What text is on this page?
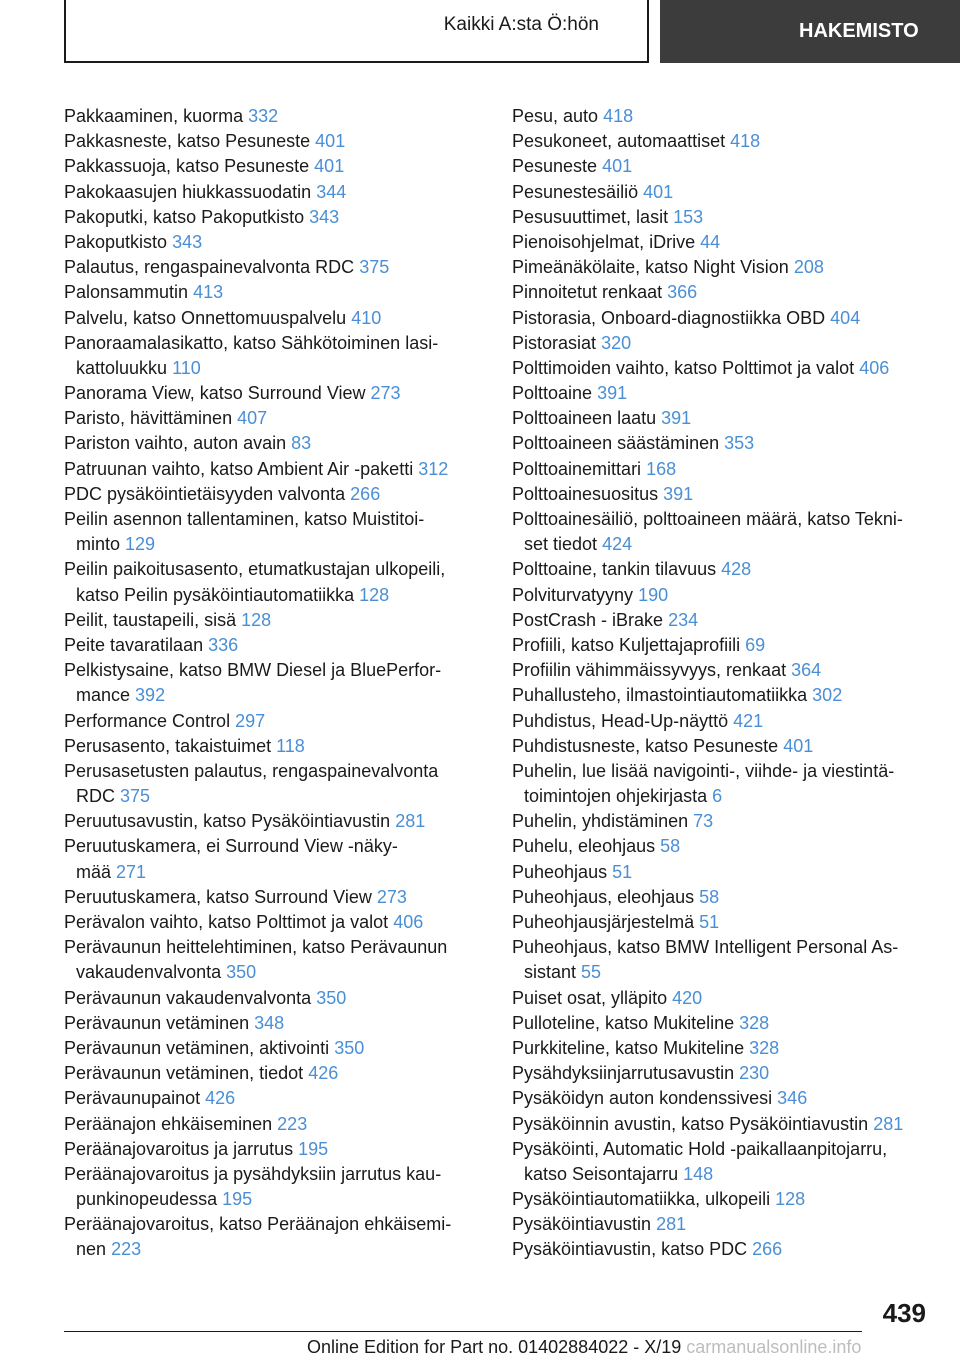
Kaikki A:sta Ö:hön	HAKEMISTO
Pakkaaminen, kuorma 332
Pakkasneste, katso Pesuneste 401
Pakkassuoja, katso Pesuneste 401
Pakokaasujen hiukkassuodatin 344
Pakoputki, katso Pakoputkisto 343
Pakoputkisto 343
Palautus, rengaspainevalvonta RDC 375
Palonsammutin 413
Palvelu, katso Onnettomuuspalvelu 410
Panoraamalasikatto, katso Sähkötoiminen lasi-
kattoluukku 110
Panorama View, katso Surround View 273
Paristo, hävittäminen 407
Pariston vaihto, auton avain 83
Patruunan vaihto, katso Ambient Air -paketti 312
PDC pysäköintietäisyyden valvonta 266
Peilin asennon tallentaminen, katso Muistitoi-
minto 129
Peilin paikoitusasento, etumatkustajan ulkopeili,
katso Peilin pysäköintiautomatiikka 128
Peilit, taustapeili, sisä 128
Peite tavaratilaan 336
Pelkistysaine, katso BMW Diesel ja BluePerfor-
mance 392
Performance Control 297
Perusasento, takaistuimet 118
Perusasetusten palautus, rengaspainevalvonta
RDC 375
Peruutusavustin, katso Pysäköintiavustin 281
Peruutuskamera, ei Surround View -näky-
mää 271
Peruutuskamera, katso Surround View 273
Perävalon vaihto, katso Polttimot ja valot 406
Perävaunun heittelehtiminen, katso Perävaunun
vakaudenvalvonta 350
Perävaunun vakaudenvalvonta 350
Perävaunun vetäminen 348
Perävaunun vetäminen, aktivointi 350
Perävaunun vetäminen, tiedot 426
Perävaunupainot 426
Peräänajon ehkäiseminen 223
Peräänajovaroitus ja jarrutus 195
Peräänajovaroitus ja pysähdyksiin jarrutus kau-
punkinopeudessa 195
Peräänajovaroitus, katso Peräänajon ehkäisemi-
nen 223
Pesu, auto 418
Pesukoneet, automaattiset 418
Pesuneste 401
Pesunestesäiliö 401
Pesusuuttimet, lasit 153
Pienoisohjelmat, iDrive 44
Pimeänäkölaite, katso Night Vision 208
Pinnoitetut renkaat 366
Pistorasia, Onboard-diagnostiikka OBD 404
Pistorasiat 320
Polttimoiden vaihto, katso Polttimot ja valot 406
Polttoaine 391
Polttoaineen laatu 391
Polttoaineen säästäminen 353
Polttoainemittari 168
Polttoainesuositus 391
Polttoainesäiliö, polttoaineen määrä, katso Tekni-
set tiedot 424
Polttoaine, tankin tilavuus 428
Polviturvatyyny 190
PostCrash - iBrake 234
Profiili, katso Kuljettajaprofiili 69
Profiilin vähimmäissyvyys, renkaat 364
Puhallusteho, ilmastointiautomatiikka 302
Puhdistus, Head-Up-näyttö 421
Puhdistusneste, katso Pesuneste 401
Puhelin, lue lisää navigointi-, viihde- ja viestintä-
toimintojen ohjekirjasta 6
Puhelin, yhdistäminen 73
Puhelu, eleohjaus 58
Puheohjaus 51
Puheohjaus, eleohjaus 58
Puheohjausjärjestelmä 51
Puheohjaus, katso BMW Intelligent Personal As-
sistant 55
Puiset osat, ylläpito 420
Pulloteline, katso Mukiteline 328
Purkkiteline, katso Mukiteline 328
Pysähdyksiinjarrutusavustin 230
Pysäköidyn auton kondenssivesi 346
Pysäköinnin avustin, katso Pysäköintiavustin 281
Pysäköinti, Automatic Hold -paikallaanpitojarru,
katso Seisontajarru 148
Pysäköintiautomatiikka, ulkopeili 128
Pysäköintiavustin 281
Pysäköintiavustin, katso PDC 266
439
Online Edition for Part no. 01402884022 - X/19 carmanualsonline.info
